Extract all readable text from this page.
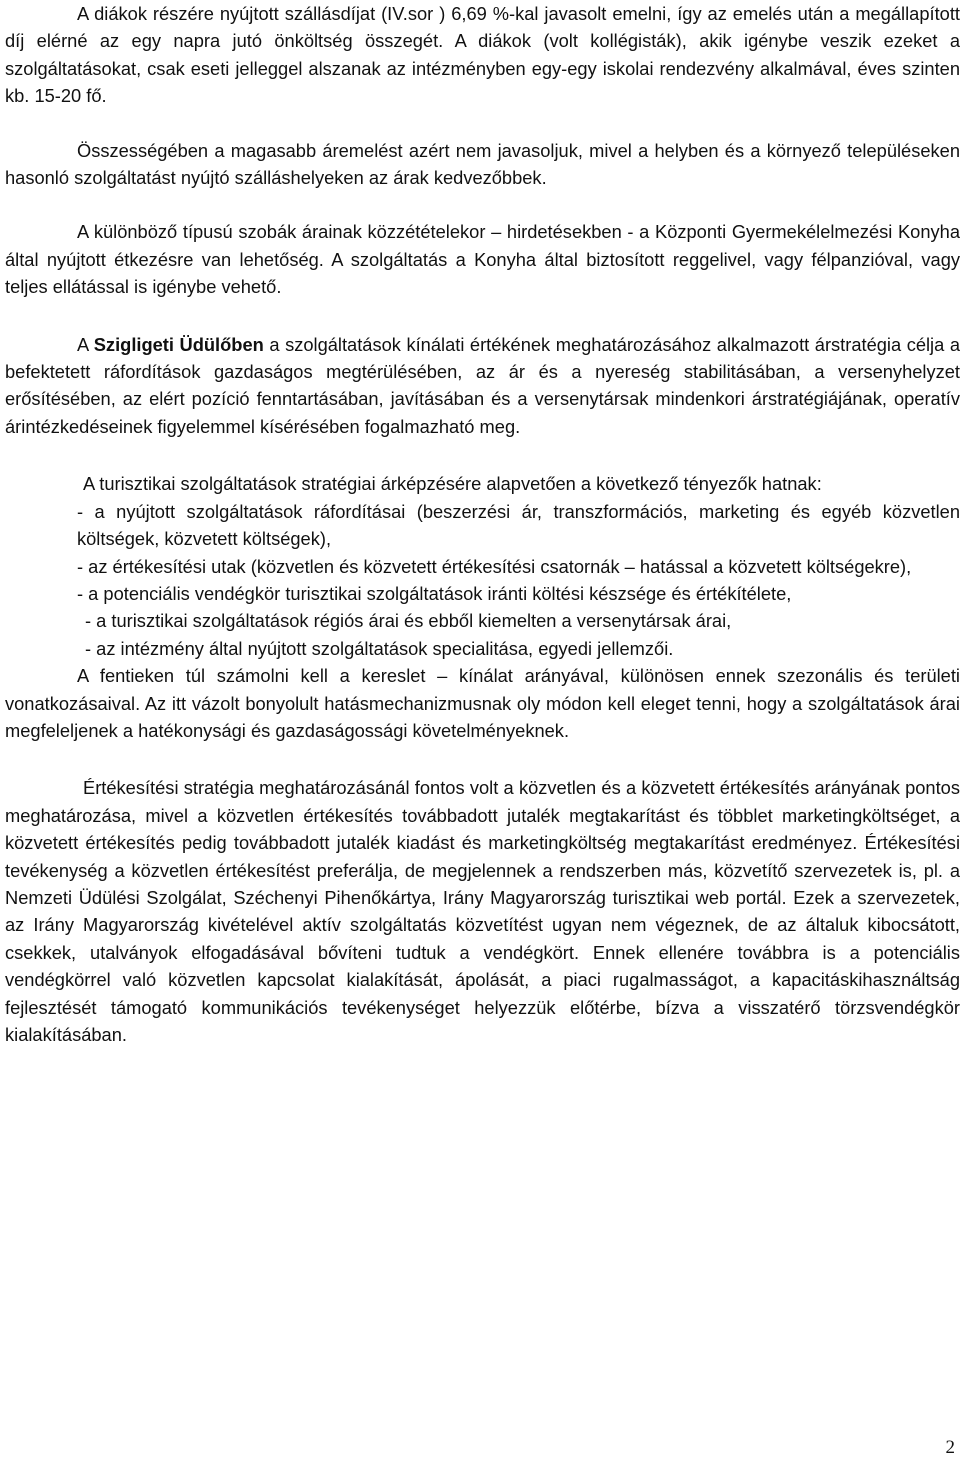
A diákok részére nyújtott szállásdíjat (IV.sor ) 6,69 %-kal javasolt emelni, így az emelés után a megállapított díj elérné az egy napra jutó önköltség összegét. A diákok (volt kollégisták), akik igénybe veszik ezeket a szolgáltatásokat, csak eseti jelleggel alszanak az intézményben egy-egy iskolai rendezvény alkalmával, éves szinten kb. 15-20 fő.

Összességében a magasabb áremelést azért nem javasoljuk, mivel a helyben és a környező településeken hasonló szolgáltatást nyújtó szálláshelyeken az árak kedvezőbbek.

A különböző típusú szobák árainak közzétételekor – hirdetésekben - a Központi Gyermekélelmezési Konyha által nyújtott étkezésre van lehetőség. A szolgáltatás a Konyha által biztosított reggelivel, vagy félpanzióval, vagy teljes ellátással is igénybe vehető.

A Szigligeti Üdülőben a szolgáltatások kínálati értékének meghatározásához alkalmazott árstratégia célja a befektetett ráfordítások gazdaságos megtérülésében, az ár és a nyereség stabilitásában, a versenyhelyzet erősítésében, az elért pozíció fenntartásában, javításában és a versenytársak mindenkori árstratégiájának, operatív árintézkedéseinek figyelemmel kísérésében fogalmazható meg.

A turisztikai szolgáltatások stratégiai árképzésére alapvetően a következő tényezők hatnak:

- a nyújtott szolgáltatások ráfordításai (beszerzési ár, transzformációs, marketing és egyéb közvetlen költségek, közvetett költségek),

- az értékesítési utak (közvetlen és közvetett értékesítési csatornák – hatással a közvetett költségekre),

- a potenciális vendégkör turisztikai szolgáltatások iránti költési készsége és értékítélete,

- a turisztikai szolgáltatások régiós árai és ebből kiemelten a versenytársak árai,

- az intézmény által nyújtott szolgáltatások specialitása, egyedi jellemzői.

A fentieken túl számolni kell a kereslet – kínálat arányával, különösen ennek szezonális és területi vonatkozásaival. Az itt vázolt bonyolult hatásmechanizmusnak oly módon kell eleget tenni, hogy a szolgáltatások árai megfeleljenek a hatékonysági és gazdaságossági követelményeknek.

Értékesítési stratégia meghatározásánál fontos volt a közvetlen és a közvetett értékesítés arányának pontos meghatározása, mivel a közvetlen értékesítés továbbadott jutalék megtakarítást és többlet marketingköltséget, a közvetett értékesítés pedig továbbadott jutalék kiadást és marketingköltség megtakarítást eredményez. Értékesítési tevékenység a közvetlen értékesítést preferálja, de megjelennek a rendszerben más, közvetítő szervezetek is, pl. a Nemzeti Üdülési Szolgálat, Széchenyi Pihenőkártya, Irány Magyarország turisztikai web portál. Ezek a szervezetek, az Irány Magyarország kivételével aktív szolgáltatás közvetítést ugyan nem végeznek, de az általuk kibocsátott, csekkek, utalványok elfogadásával bővíteni tudtuk a vendégkört. Ennek ellenére továbbra is a potenciális vendégkörrel való közvetlen kapcsolat kialakítását, ápolását, a piaci rugalmasságot, a kapacitáskihasználtság fejlesztését támogató kommunikációs tevékenységet helyezzük előtérbe, bízva a visszatérő törzsvendégkör kialakításában.

2
